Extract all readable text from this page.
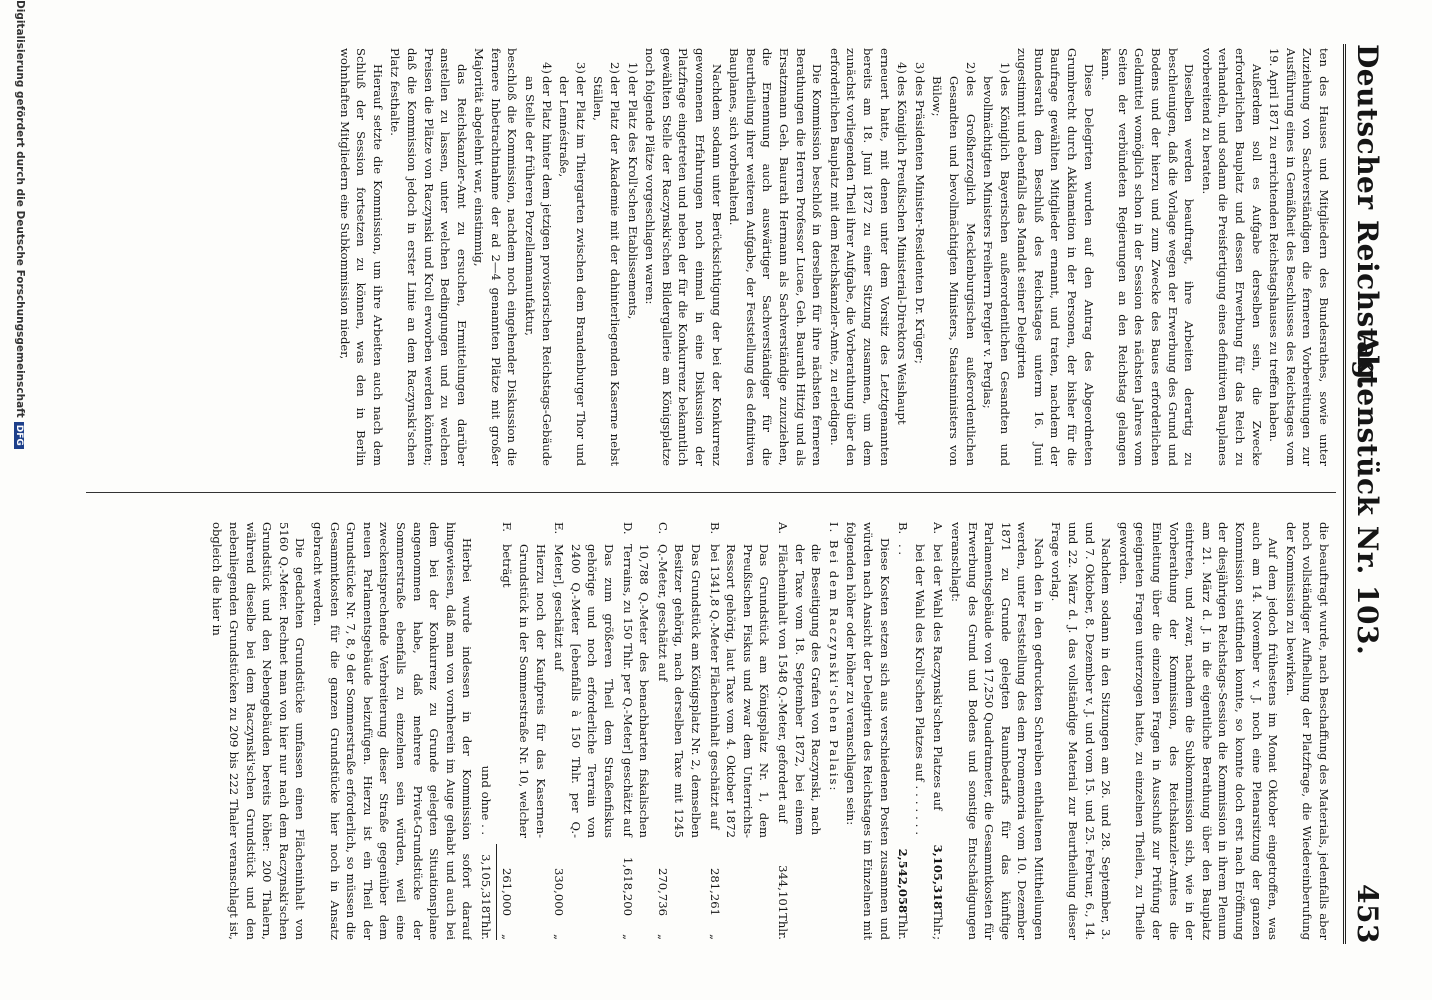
Deutscher Reichstag.
Aktenstück Nr. 103.
453

ten des Hauses und Mitgliedern des Bundesrathes, sowie unter Zuziehung von Sachverständigen die ferneren Vorbereitungen zur Ausführung eines in Gemäßheit des Beschlusses des Reichstages vom 19. April 1871 zu errichtenden Reichstagshauses zu treffen haben.

Außerdem soll es Aufgabe derselben sein, die Zwecke erforderlichen Bauplatz und dessen Erwerbung für das Reich zu verhandeln, und sodann die Preisfertigung eines definitiven Bauplanes vorbereitend zu beraten.

Dieselben werden beauftragt, ihre Arbeiten derartig zu beschleunigen, daß die Vorlage wegen der Erwerbung des Grund und Bodens und der hierzu und zum Zwecke des Baues erforderlichen Geldmittel womöglich schon in der Session des nächsten Jahres vom Seiten der verbündeten Regierungen an den Reichstag gelangen kann.

Diese Delegirten wurden auf den Antrag des Abgeordneten Grumbrecht durch Akklamation in der Personen, der bisher für die Baufrage gewählten Mitglieder ernannt, und traten, nachdem der Bundesrath dem Beschluß des Reichstages unterm 16. Juni zugestimmt und ebenfalls das Mandat seiner Delegirten

1)des Königlich Bayerischen außerordentlichen Gesandten und bevollmächtigten Ministers Freiherrn Pergler v. Perglas;
2)des Großherzoglich Mecklenburgischen außerordentlichen Gesandten und bevollmächtigten Ministers, Staatsministers von Bülow;
3)des Präsidenten Minister-Residenten Dr. Krüger;
4)des Königlich Preußischen Ministerial-Direktors Weishaupt

erneuert hatte, mit denen unter dem Vorsitz des Letztgenannten bereits am 18. Juni 1872 zu einer Sitzung zusammen, um dem zunächst vorliegenden Theil ihrer Aufgabe, die Vorberathung über den erforderlichen Bauplatz mit dem Reichskanzler-Amte, zu erledigen.

Die Kommission beschloß in derselben für ihre nächsten ferneren Berathungen die Herren Professor Lucae, Geh. Baurath Hitzig und als Ersatzmann Geh. Baurath Hermann als Sachverständige zuzuziehen, die Ernennung auch auswärtiger Sachverständiger für die Beurtheilung ihrer weiteren Aufgabe, der Feststellung des definitiven Bauplanes, sich vorbehaltend.

Nachdem sodann unter Berücksichtigung der bei der Konkurrenz gewonnenen Erfahrungen noch einmal in eine Diskussion der Platzfrage eingetreten und neben der für die Konkurrenz bekanntlich gewählten Stelle der Raczynski'schen Bildergallerie am Königsplatze noch folgende Plätze vorgeschlagen waren:

1)der Platz des Kroll'schen Etablissements,
2)der Platz der Akademie mit der dahinterliegenden Kaserne nebst Ställen,
3)der Platz im Thiergarten zwischen dem Brandenburger Thor und der Lennéstraße,
4)der Platz hinter dem jetzigen provisorischen Reichstags-Gebäude an Stelle der früheren Porzellanmanufaktur,

beschloß die Kommission, nachdem noch eingehender Diskussion die fernere Inbetrachtnahme der ad 2—4 genannten Plätze mit großer Majorität abgelehnt war, einstimmig,

das Reichskanzler-Amt zu ersuchen, Ermittelungen darüber anstellen zu lassen, unter welchen Bedingungen und zu welchen Preisen die Plätze von Raczynski und Kroll erworben werden könnten; daß die Kommission jedoch in erster Linie an dem Raczynski'schen Platz festhalte.

Hierauf setzte die Kommission, um ihre Arbeiten auch nach dem Schluß der Session fortsetzen zu können, was den in Berlin wohnhaften Mitgliedern eine Subkommission nieder,

die beauftragt wurde, nach Beschaffung des Materials, jedenfalls aber noch vollständiger Aufhellung der Platzfrage, die Wiedereinberufung der Kommission zu bewirken.

Auf dem jedoch frühestens im Monat Oktober eingetroffen, was auch am 14. November v. J. noch eine Plenarsitzung der ganzen Kommission stattfinden konnte, so konnte doch erst nach Eröffnung der diesjährigen Reichstags-Session die Kommission in ihrem Plenum am 21. März d. J. in die eigentliche Berathung über den Bauplatz eintreten, und zwar, nachdem die Subkommission sich, wie in der Vorberathung der Kommission, des Reichskanzler-Amtes die Einleitung über die einzelnen Fragen in Ausschuß zur Prüfung der geeigneten Fragen unterzogen hatte, zu einzelnen Theilen, zu Theile geworden.

Nachdem sodann in den Sitzungen am 26. und 28. September, 3. und 7. Oktober, 8. Dezember v. J. und vom 15. und 25. Februar, 6., 14. und 22. März d. J. das vollständige Material zur Beurtheilung dieser Frage vorlag.

Nach den in den gedruckten Schreiben enthaltenen Mittheilungen werden, unter Feststellung des dem Promemoria vom 10. Dezember 1871 zu Grunde gelegten Raumbedarfs für das künftige Parlamentsgebäude von 17,250 Quadratmeter, die Gesammtkosten für Erwerbung des Grund und Bodens und sonstige Entschädigungen veranschlagt:

A.
bei der Wahl des Raczynski'schen Platzes auf
3,105,318
Thlr.;
B.
bei der Wahl des Kroll'schen Platzes auf . . . . . . . . .
2,542,058
Thlr.

Diese Kosten setzen sich aus verschiedenen Posten zusammen und würden nach Ansicht der Delegirten des Reichstages im Einzelnen mit folgenden höher oder höher zu veranschlagen sein:

I. Bei dem Raczynski'schen Palais:

A.
die Beseitigung des Grafen von Raczynski, nach der Taxe vom 18. September 1872, bei einem Flächeninhalt von 1548 Q.-Meter, gefordert auf
344,101
Thlr.
B.
Das Grundstück am Königsplatz Nr. 1, dem Preußischen Fiskus und zwar dem Unterrichts-Ressort gehörig, laut Taxe vom 4. Oktober 1872 bei 1341,8 Q.-Meter Flächeninhalt geschätzt auf
281,261
„
C.
Das Grundstück am Königsplatz Nr. 2, demselben Besitzer gehörig, nach derselben Taxe mit 1245 Q.-Meter, geschätzt auf
270,736
„
D.
10,788 Q.-Meter des benachbarten fiskalischen Terrains, zu 150 Thlr. per Q.-Meter] geschätzt auf
1,618,200
„
E.
Das zum größeren Theil dem Straßenfiskus gehörige und noch erforderliche Terrain von 2400 Q.-Meter [ebenfalls à 150 Thlr. per Q.-Meter], geschätzt auf
330,000
„
F.
Hierzu noch der Kaufpreis für das Kasernen-Grundstück in der Sommerstraße Nr. 10, welcher beträgt
261,000
„
und ohne . .
3,105,318
Thlr.

Hierbei wurde indessen in der Kommission sofort darauf hingewiesen, daß man von vornherein im Auge gehabt und auch bei dem bei der Konkurrenz zu Grunde gelegten Situationsplane angenommen habe, daß mehrere Privat-Grundstücke der Sommerstraße ebenfalls zu einzelnen sein würden, weil eine zweckentsprechende Verbreiterung dieser Straße gegenüber dem neuen Parlamentsgebäude beizufügen. Hierzu ist ein Theil der Grundstücke Nr. 7, 8, 9 der Sommerstraße erforderlich, so müssen die Gesammtkosten für die ganzen Grundstücke hier noch in Ansatz gebracht werden.

Die gedachten Grundstücke umfassen einen Flächeninhalt von 5160 Q.-Meter. Rechnet man von hier nur nach dem Raczynski'schen Grundstück und den Nebengebäuden bereits höher: 200 Thalern, während dieselbe bei dem Raczynski'schen Grundstück und den nebenliegenden Grundstücken zu 209 bis 222 Thaler veranschlagt ist, obgleich die hier in

Digitalisierung gefördert durch die Deutsche ForschungsgemeinschaftDFG
